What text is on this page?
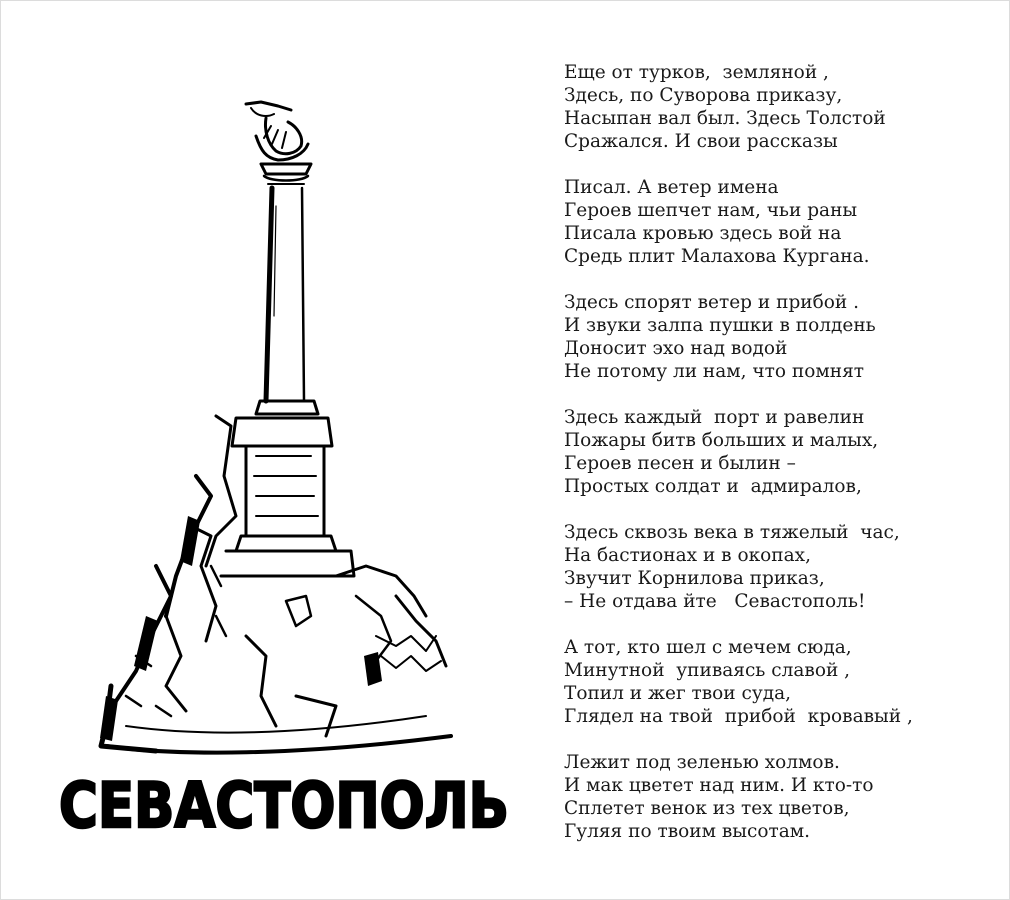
СЕВАСТОПОЛЬ
Еще от турков,  земляной ,
Здесь, по Суворова приказу,
Насыпан вал был. Здесь Толстой
Сражался. И свои рассказы
Писал. А ветер имена
Героев шепчет нам, чьи раны
Писала кровью здесь вой на
Средь плит Малахова Кургана.
Здесь спорят ветер и прибой .
И звуки залпа пушки в полдень
Доносит эхо над водой
Не потому ли нам, что помнят
Здесь каждый  порт и равелин
Пожары битв больших и малых,
Героев песен и былин –
Простых солдат и  адмиралов,
Здесь сквозь века в тяжелый  час,
На бастионах и в окопах,
Звучит Корнилова приказ,
– Не отдава йте   Севастополь!
А тот, кто шел с мечем сюда,
Минутной  упиваясь славой ,
Топил и жег твои суда,
Глядел на твой  прибой  кровавый ,
Лежит под зеленью холмов.
И мак цветет над ним. И кто-то
Сплетет венок из тех цветов,
Гуляя по твоим высотам.
